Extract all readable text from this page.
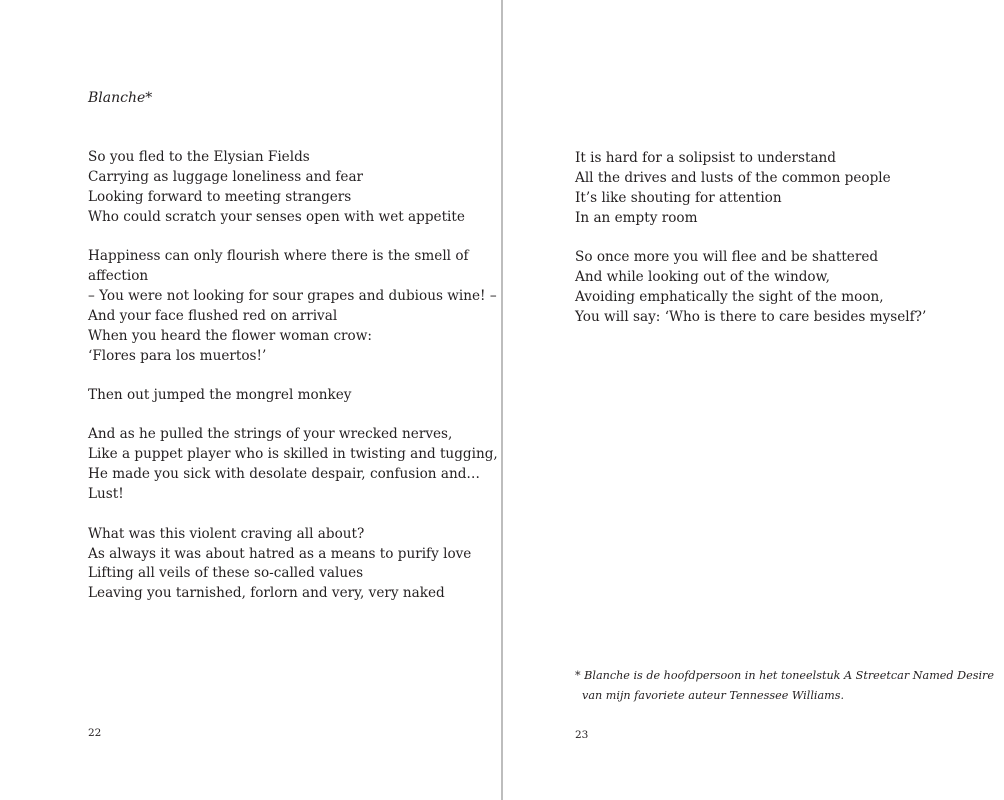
Blanche*
So you fled to the Elysian Fields
Carrying as luggage loneliness and fear
Looking forward to meeting strangers
Who could scratch your senses open with wet appetite
Happiness can only flourish where there is the smell of
affection
– You were not looking for sour grapes and dubious wine! –
And your face flushed red on arrival
When you heard the flower woman crow:
‘Flores para los muertos!’
Then out jumped the mongrel monkey
And as he pulled the strings of your wrecked nerves,
Like a puppet player who is skilled in twisting and tugging,
He made you sick with desolate despair, confusion and…
Lust!
What was this violent craving all about?
As always it was about hatred as a means to purify love
Lifting all veils of these so-called values
Leaving you tarnished, forlorn and very, very naked
22
It is hard for a solipsist to understand
All the drives and lusts of the common people
It’s like shouting for attention
In an empty room
So once more you will flee and be shattered
And while looking out of the window,
Avoiding emphatically the sight of the moon,
You will say: ‘Who is there to care besides myself?’
* Blanche is de hoofdpersoon in het toneelstuk A Streetcar Named Desire
van mijn favoriete auteur Tennessee Williams.
23
